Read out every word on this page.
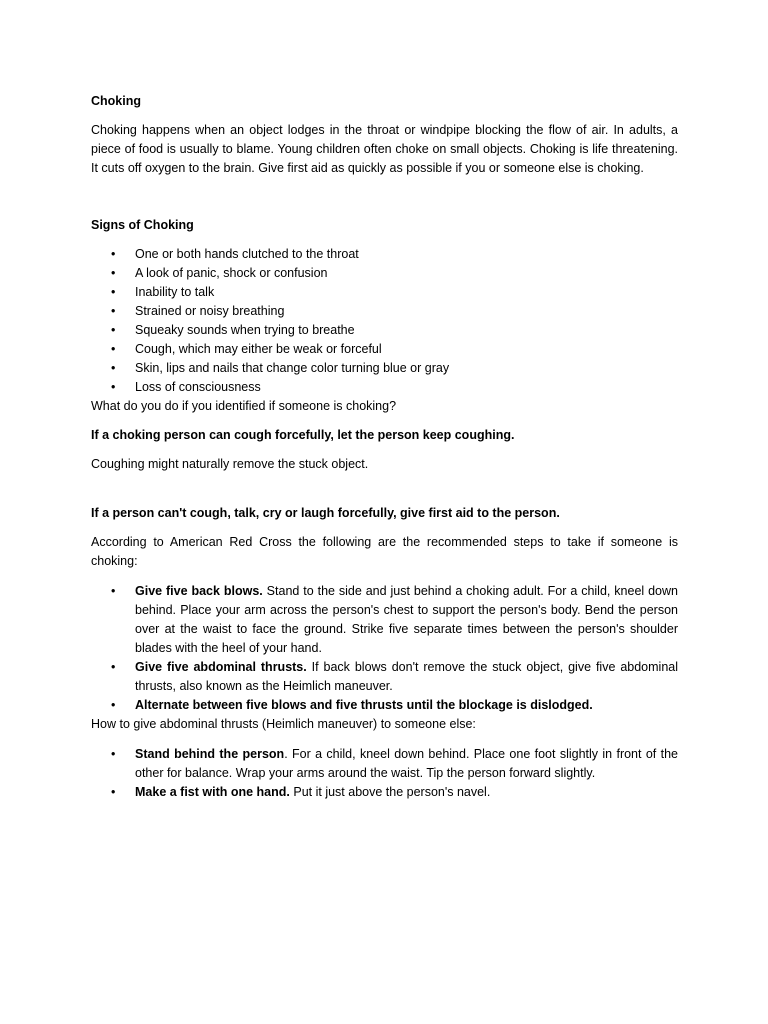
Choking

Choking happens when an object lodges in the throat or windpipe blocking the flow of air. In adults, a piece of food is usually to blame. Young children often choke on small objects. Choking is life threatening. It cuts off oxygen to the brain. Give first aid as quickly as possible if you or someone else is choking.

Signs of Choking

• One or both hands clutched to the throat
• A look of panic, shock or confusion
• Inability to talk
• Strained or noisy breathing
• Squeaky sounds when trying to breathe
• Cough, which may either be weak or forceful
• Skin, lips and nails that change color turning blue or gray
• Loss of consciousness

What do you do if you identified if someone is choking?

If a choking person can cough forcefully, let the person keep coughing.

Coughing might naturally remove the stuck object.

If a person can't cough, talk, cry or laugh forcefully, give first aid to the person.

According to American Red Cross the following are the recommended steps to take if someone is choking:

• Give five back blows. Stand to the side and just behind a choking adult. For a child, kneel down behind. Place your arm across the person's chest to support the person's body. Bend the person over at the waist to face the ground. Strike five separate times between the person's shoulder blades with the heel of your hand.
• Give five abdominal thrusts. If back blows don't remove the stuck object, give five abdominal thrusts, also known as the Heimlich maneuver.
• Alternate between five blows and five thrusts until the blockage is dislodged.

How to give abdominal thrusts (Heimlich maneuver) to someone else:

• Stand behind the person. For a child, kneel down behind. Place one foot slightly in front of the other for balance. Wrap your arms around the waist. Tip the person forward slightly.
• Make a fist with one hand. Put it just above the person's navel.
